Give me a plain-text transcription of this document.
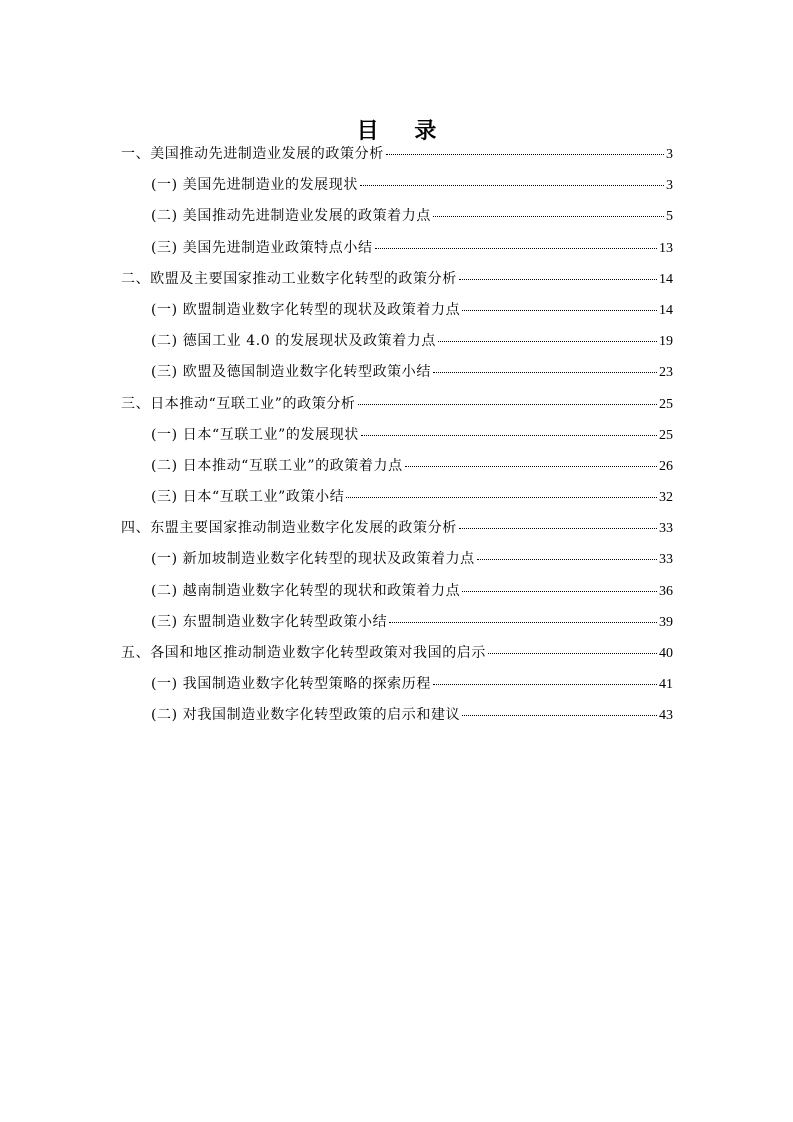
目 录
一、美国推动先进制造业发展的政策分析	3
(一) 美国先进制造业的发展现状	3
(二) 美国推动先进制造业发展的政策着力点	5
(三) 美国先进制造业政策特点小结	13
二、欧盟及主要国家推动工业数字化转型的政策分析	14
(一) 欧盟制造业数字化转型的现状及政策着力点	14
(二) 德国工业 4.0 的发展现状及政策着力点	19
(三) 欧盟及德国制造业数字化转型政策小结	23
三、日本推动“互联工业”的政策分析	25
(一) 日本“互联工业”的发展现状	25
(二) 日本推动“互联工业”的政策着力点	26
(三) 日本“互联工业”政策小结	32
四、东盟主要国家推动制造业数字化发展的政策分析	33
(一) 新加坡制造业数字化转型的现状及政策着力点	33
(二) 越南制造业数字化转型的现状和政策着力点	36
(三) 东盟制造业数字化转型政策小结	39
五、各国和地区推动制造业数字化转型政策对我国的启示	40
(一) 我国制造业数字化转型策略的探索历程	41
(二) 对我国制造业数字化转型政策的启示和建议	43
